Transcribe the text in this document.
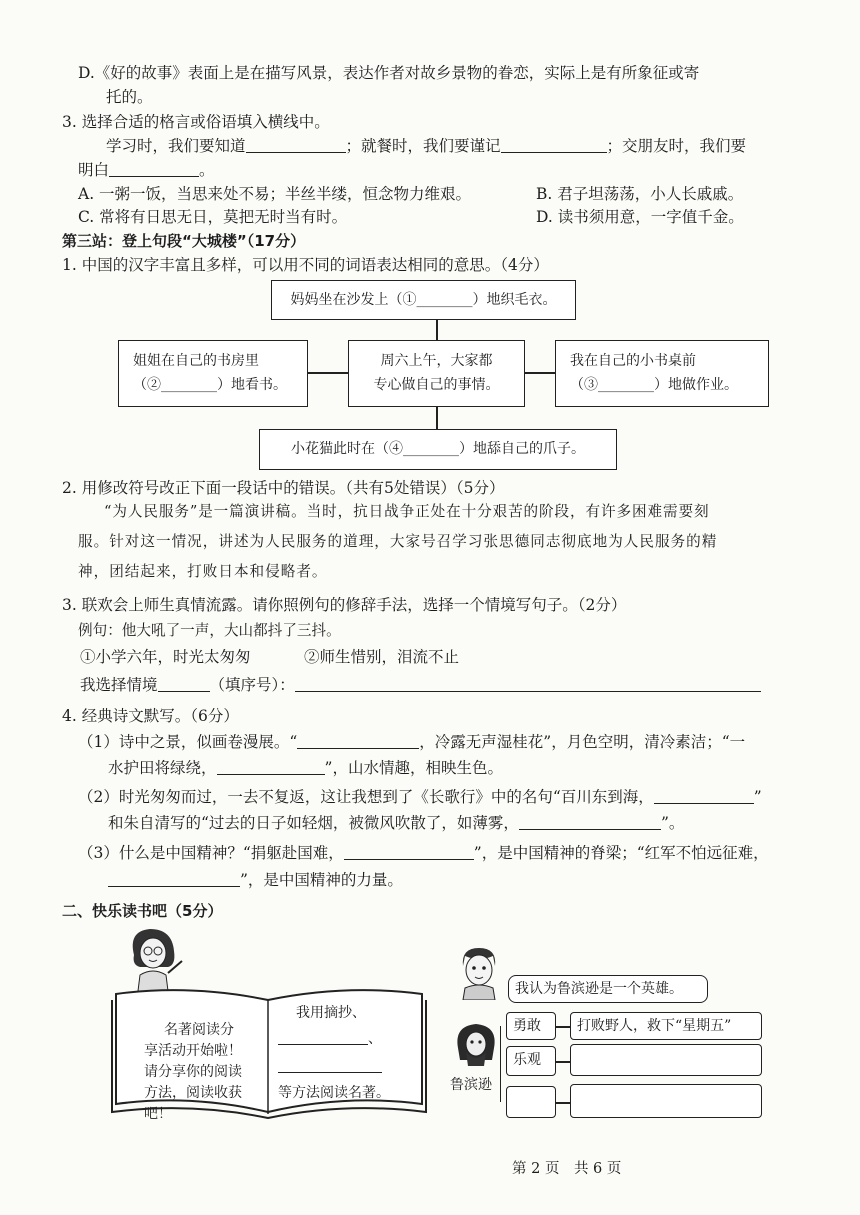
D.《好的故事》表面上是在描写风景，表达作者对故乡景物的眷恋，实际上是有所象征或寄
托的。
3. 选择合适的格言或俗语填入横线中。
学习时，我们要知道	；就餐时，我们要谨记	；交朋友时，我们要
明白	。
A. 一粥一饭，当思来处不易；半丝半缕，恒念物力维艰。	B. 君子坦荡荡，小人长戚戚。
C. 常将有日思无日，莫把无时当有时。	D. 读书须用意，一字值千金。
第三站：登上句段“大城楼”（17分）
1. 中国的汉字丰富且多样，可以用不同的词语表达相同的意思。（4分）
妈妈坐在沙发上（①________）地织毛衣。
姐姐在自己的书房里
（②________）地看书。
周六上午，大家都
专心做自己的事情。
我在自己的小书桌前
（③________）地做作业。
小花猫此时在（④________）地舔自己的爪子。
2. 用修改符号改正下面一段话中的错误。（共有5处错误）（5分）
“为人民服务”是一篇演讲稿。当时，抗日战争正处在十分艰苦的阶段，有许多困难需要刻
服。针对这一情况，讲述为人民服务的道理，大家号召学习张思德同志彻底地为人民服务的精
神，团结起来，打败日本和侵略者。
3. 联欢会上师生真情流露。请你照例句的修辞手法，选择一个情境写句子。（2分）
例句：他大吼了一声，大山都抖了三抖。
①小学六年，时光太匆匆	②师生惜别，泪流不止
我选择情境	（填序号）：
4. 经典诗文默写。（6分）
（1）诗中之景，似画卷漫展。“	，冷露无声湿桂花”，月色空明，清冷素洁；“一
水护田将绿绕，	”，山水情趣，相映生色。
（2）时光匆匆而过，一去不复返，这让我想到了《长歌行》中的名句“百川东到海，	”
和朱自清写的“过去的日子如轻烟，被微风吹散了，如薄雾，	”。
（3）什么是中国精神？“捐躯赴国难，	”，是中国精神的脊梁；“红军不怕远征难，
”，是中国精神的力量。
二、快乐读书吧（5分）
名著阅读分
享活动开始啦！
请分享你的阅读
方法，阅读收获吧！
我用摘抄、
、
等方法阅读名著。
我认为鲁滨逊是一个英雄。
鲁滨逊
勇敢	打败野人，救下“星期五”
乐观
第 2 页　共 6 页
